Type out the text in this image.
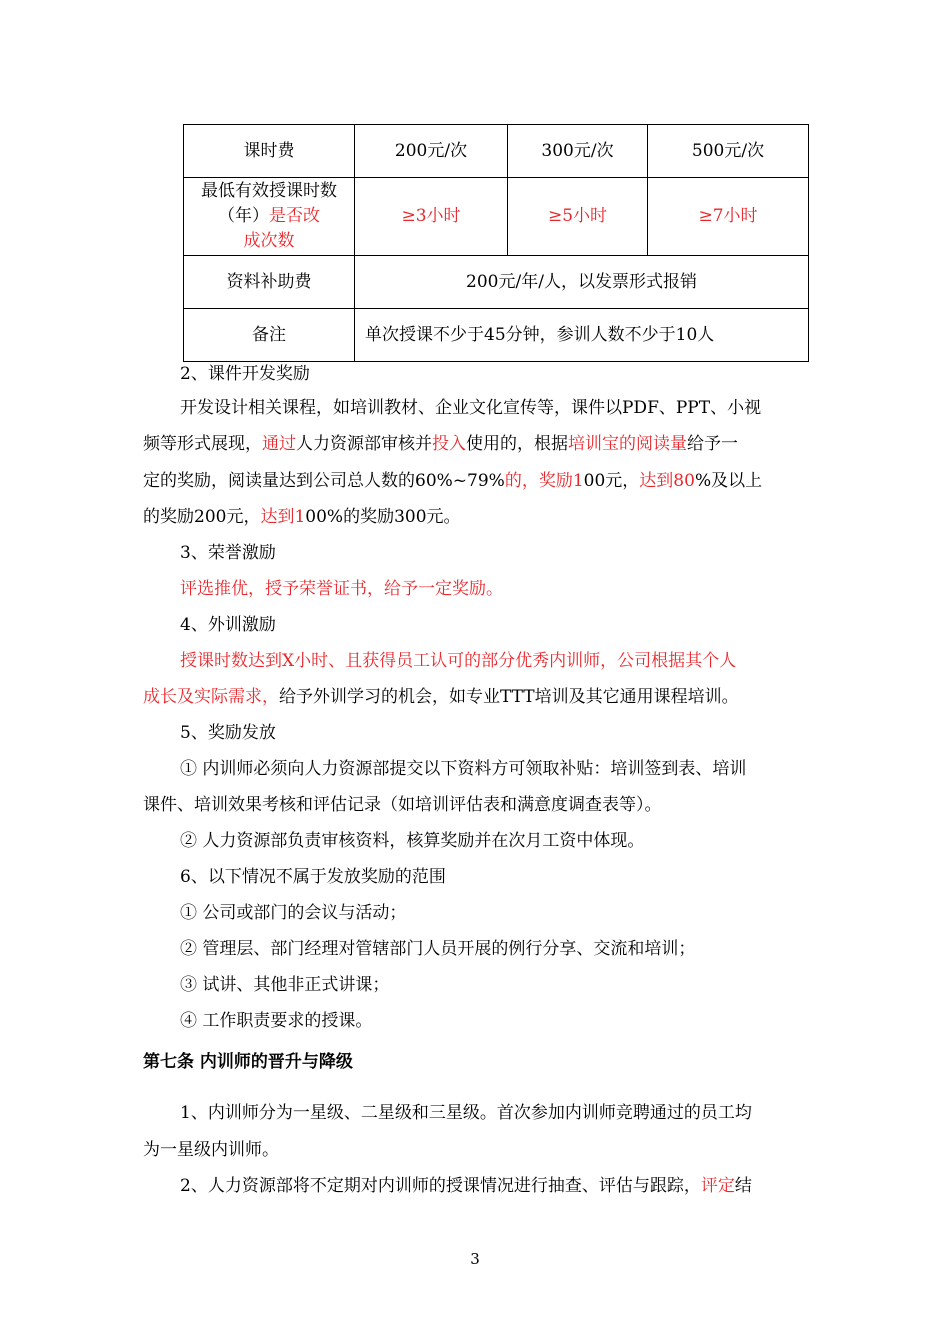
课时费	200元/次	300元/次	500元/次
最低有效授课时数
（年）是否改
成次数	≥3小时	≥5小时	≥7小时
资料补助费	200元/年/人，以发票形式报销		
备注	单次授课不少于45分钟，参训人数不少于10人		
2、课件开发奖励
开发设计相关课程，如培训教材、企业文化宣传等，课件以PDF、PPT、小视
频等形式展现，通过人力资源部审核并投入使用的，根据培训宝的阅读量给予一
定的奖励，阅读量达到公司总人数的60%~79%的，奖励100元，达到80%及以上
的奖励200元，达到100%的奖励300元。
3、荣誉激励
评选推优，授予荣誉证书，给予一定奖励。
4、外训激励
授课时数达到X小时、且获得员工认可的部分优秀内训师，公司根据其个人
成长及实际需求，给予外训学习的机会，如专业TTT培训及其它通用课程培训。
5、奖励发放
① 内训师必须向人力资源部提交以下资料方可领取补贴：培训签到表、培训
课件、培训效果考核和评估记录（如培训评估表和满意度调查表等）。
② 人力资源部负责审核资料，核算奖励并在次月工资中体现。
6、以下情况不属于发放奖励的范围
① 公司或部门的会议与活动；
② 管理层、部门经理对管辖部门人员开展的例行分享、交流和培训；
③ 试讲、其他非正式讲课；
④ 工作职责要求的授课。
1、内训师分为一星级、二星级和三星级。首次参加内训师竞聘通过的员工均
为一星级内训师。
2、人力资源部将不定期对内训师的授课情况进行抽查、评估与跟踪，评定结
第七条 内训师的晋升与降级
3
